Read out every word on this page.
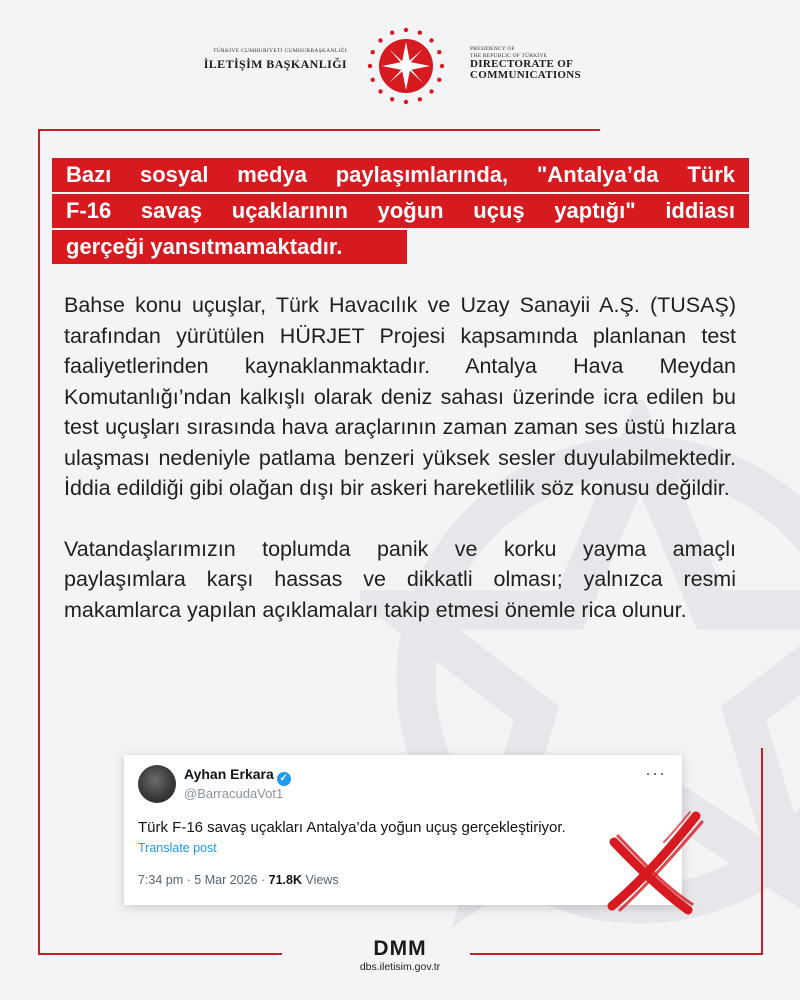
TÜRKİYE CUMHURİYETİ CUMHURBAŞKANLIĞI
İLETİŞİM BAŞKANLIĞI
PRESIDENCY OF
THE REPUBLIC OF TÜRKİYE
DIRECTORATE OF
COMMUNICATIONS
Bazı sosyal medya paylaşımlarında, "Antalya’da Türk
F-16 savaş uçaklarının yoğun uçuş yaptığı" iddiası
gerçeği yansıtmamaktadır.

Bahse konu uçuşlar, Türk Havacılık ve Uzay Sanayii A.Ş. (TUSAŞ) tarafından yürütülen HÜRJET Projesi kapsamında planlanan test faaliyetlerinden kaynaklanmaktadır. Antalya Hava Meydan Komutanlığı’ndan kalkışlı olarak deniz sahası üzerinde icra edilen bu test uçuşları sırasında hava araçlarının zaman zaman ses üstü hızlara ulaşması nedeniyle patlama benzeri yüksek sesler duyulabilmektedir. İddia edildiği gibi olağan dışı bir askeri hareketlilik söz konusu değildir.

Vatandaşlarımızın toplumda panik ve korku yayma amaçlı paylaşımlara karşı hassas ve dikkatli olması; yalnızca resmi makamlarca yapılan açıklamaları takip etmesi önemle rica olunur.

Ayhan Erkara ✓
@BarracudaVot1
···
Türk F-16 savaş uçakları Antalya’da yoğun uçuş gerçekleştiriyor.
Translate post
7:34 pm · 5 Mar 2026 · 71.8K Views
DMM
dbs.iletisim.gov.tr
